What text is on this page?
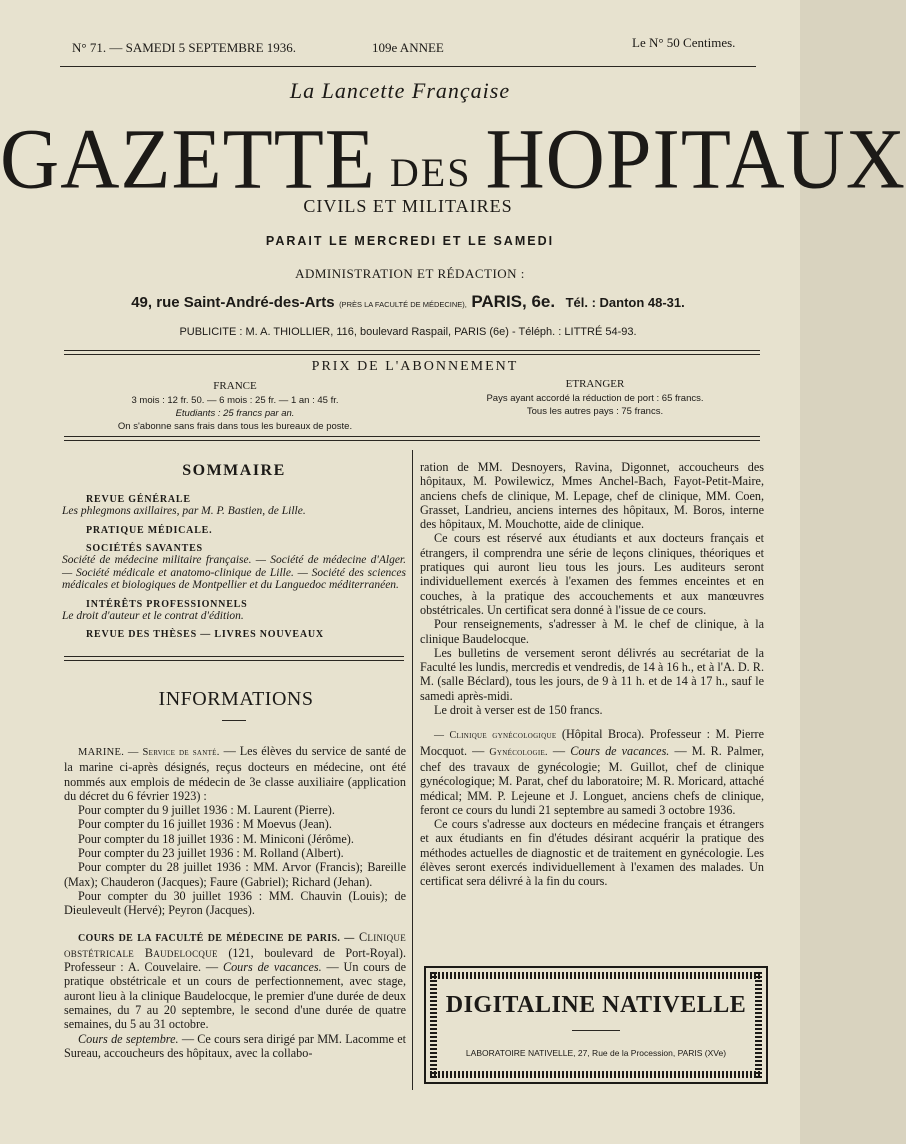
N° 71. — SAMEDI 5 SEPTEMBRE 1936.	109e ANNEE	Le N° 50 Centimes.
La Lancette Française
GAZETTE DES HOPITAUX
CIVILS ET MILITAIRES
PARAIT LE MERCREDI ET LE SAMEDI
ADMINISTRATION ET RÉDACTION :
49, rue Saint-André-des-Arts (PRÈS LA FACULTÉ DE MÉDECINE), PARIS, 6e. Tél. : Danton 48-31.
PUBLICITE : M. A. THIOLLIER, 116, boulevard Raspail, PARIS (6e) - Téléph. : LITTRÉ 54-93.
PRIX DE L'ABONNEMENT
FRANCE
3 mois : 12 fr. 50. — 6 mois : 25 fr. — 1 an : 45 fr.
Etudiants : 25 francs par an.
On s'abonne sans frais dans tous les bureaux de poste.
ETRANGER
Pays ayant accordé la réduction de port : 65 francs.
Tous les autres pays : 75 francs.
SOMMAIRE
REVUE GÉNÉRALE
Les phlegmons axillaires, par M. P. Bastien, de Lille.
PRATIQUE MÉDICALE.
SOCIÉTÉS SAVANTES
Société de médecine militaire française. — Société de médecine d'Alger. — Société médicale et anatomo-clinique de Lille. — Société des sciences médicales et biologiques de Montpellier et du Languedoc méditerranéen.
INTÉRÊTS PROFESSIONNELS
Le droit d'auteur et le contrat d'édition.
REVUE DES THÈSES — LIVRES NOUVEAUX
INFORMATIONS

MARINE. — Service de santé. — Les élèves du service de santé de la marine ci-après désignés, reçus docteurs en médecine, ont été nommés aux emplois de médecin de 3e classe auxiliaire (application du décret du 6 février 1923) :

Pour compter du 9 juillet 1936 : M. Laurent (Pierre).

Pour compter du 16 juillet 1936 : M Moevus (Jean).

Pour compter du 18 juillet 1936 : M. Miniconi (Jérôme).

Pour compter du 23 juillet 1936 : M. Rolland (Albert).

Pour compter du 28 juillet 1936 : MM. Arvor (Francis); Bareille (Max); Chauderon (Jacques); Faure (Gabriel); Richard (Jehan).

Pour compter du 30 juillet 1936 : MM. Chauvin (Louis); de Dieuleveult (Hervé); Peyron (Jacques).

COURS DE LA FACULTÉ DE MÉDECINE DE PARIS. — Clinique obstétricale Baudelocque (121, boulevard de Port-Royal). Professeur : A. Couvelaire. — Cours de vacances. — Un cours de pratique obstétricale et un cours de perfectionnement, avec stage, auront lieu à la clinique Baudelocque, le premier d'une durée de deux semaines, du 7 au 20 septembre, le second d'une durée de quatre semaines, du 5 au 31 octobre.

Cours de septembre. — Ce cours sera dirigé par MM. Lacomme et Sureau, accoucheurs des hôpitaux, avec la collabo-

ration de MM. Desnoyers, Ravina, Digonnet, accoucheurs des hôpitaux, M. Powilewicz, Mmes Anchel-Bach, Fayot-Petit-Maire, anciens chefs de clinique, M. Lepage, chef de clinique, MM. Coen, Grasset, Landrieu, anciens internes des hôpitaux, M. Boros, interne des hôpitaux, M. Mouchotte, aide de clinique.

Ce cours est réservé aux étudiants et aux docteurs français et étrangers, il comprendra une série de leçons cliniques, théoriques et pratiques qui auront lieu tous les jours. Les auditeurs seront individuellement exercés à l'examen des femmes enceintes et en couches, à la pratique des accouchements et aux manœuvres obstétricales. Un certificat sera donné à l'issue de ce cours.

Pour renseignements, s'adresser à M. le chef de clinique, à la clinique Baudelocque.

Les bulletins de versement seront délivrés au secrétariat de la Faculté les lundis, mercredis et vendredis, de 14 à 16 h., et à l'A. D. R. M. (salle Béclard), tous les jours, de 9 à 11 h. et de 14 à 17 h., sauf le samedi après-midi.

Le droit à verser est de 150 francs.

— Clinique gynécologique (Hôpital Broca). Professeur : M. Pierre Mocquot. — Gynécologie. — Cours de vacances. — M. R. Palmer, chef des travaux de gynécologie; M. Guillot, chef de clinique gynécologique; M. Parat, chef du laboratoire; M. R. Moricard, attaché médical; MM. P. Lejeune et J. Longuet, anciens chefs de clinique, feront ce cours du lundi 21 septembre au samedi 3 octobre 1936.

Ce cours s'adresse aux docteurs en médecine français et étrangers et aux étudiants en fin d'études désirant acquérir la pratique des méthodes actuelles de diagnostic et de traitement en gynécologie. Les élèves seront exercés individuellement à l'examen des malades. Un certificat sera délivré à la fin du cours.

DIGITALINE NATIVELLE
LABORATOIRE NATIVELLE, 27, Rue de la Procession, PARIS (XVe)
